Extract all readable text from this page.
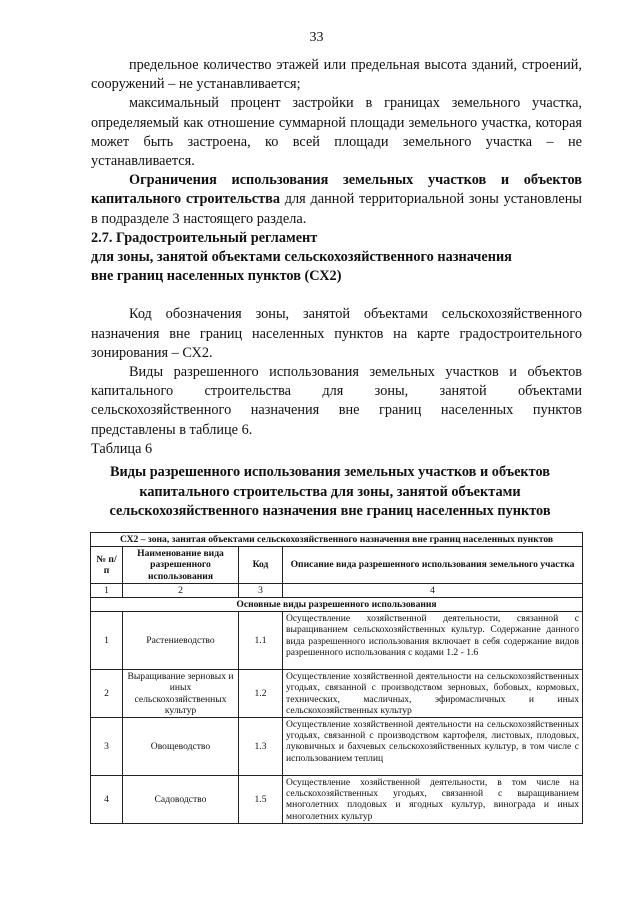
33

предельное количество этажей или предельная высота зданий, строений, сооружений – не устанавливается;

максимальный процент застройки в границах земельного участка, определяемый как отношение суммарной площади земельного участка, которая может быть застроена, ко всей площади земельного участка – не устанавливается.

Ограничения использования земельных участков и объектов капитального строительства для данной территориальной зоны установлены в подразделе 3 настоящего раздела.

2.7. Градостроительный регламент

для зоны, занятой объектами сельскохозяйственного назначения

вне границ населенных пунктов (СХ2)

Код обозначения зоны, занятой объектами сельскохозяйственного назначения вне границ населенных пунктов на карте градостроительного зонирования – СХ2.

Виды разрешенного использования земельных участков и объектов капитального строительства для зоны, занятой объектами сельскохозяйственного назначения вне границ населенных пунктов представлены в таблице 6.

Таблица 6

Виды разрешенного использования земельных участков и объектов капитального строительства для зоны, занятой объектами сельскохозяйственного назначения вне границ населенных пунктов
СХ2 – зона, занятая объектами сельскохозяйственного назначения вне границ населенных пунктов			
№ п/п	Наименование вида разрешенного использования	Код	Описание вида разрешенного использования земельного участка
1	2	3	4
Основные виды разрешенного использования			
1	Растениеводство	1.1	Осуществление хозяйственной деятельности, связанной с выращиванием сельскохозяйственных культур. Содержание данного вида разрешенного использования включает в себя содержание видов разрешенного использования с кодами 1.2 - 1.6
2	Выращивание зерновых и иных сельскохозяйственных культур	1.2	Осуществление хозяйственной деятельности на сельскохозяйственных угодьях, связанной с производством зерновых, бобовых, кормовых, технических, масличных, эфиромасличных и иных сельскохозяйственных культур
3	Овощеводство	1.3	Осуществление хозяйственной деятельности на сельскохозяйственных угодьях, связанной с производством картофеля, листовых, плодовых, луковичных и бахчевых сельскохозяйственных культур, в том числе с использованием теплиц
4	Садоводство	1.5	Осуществление хозяйственной деятельности, в том числе на сельскохозяйственных угодьях, связанной с выращиванием многолетних плодовых и ягодных культур, винограда и иных многолетних культур
